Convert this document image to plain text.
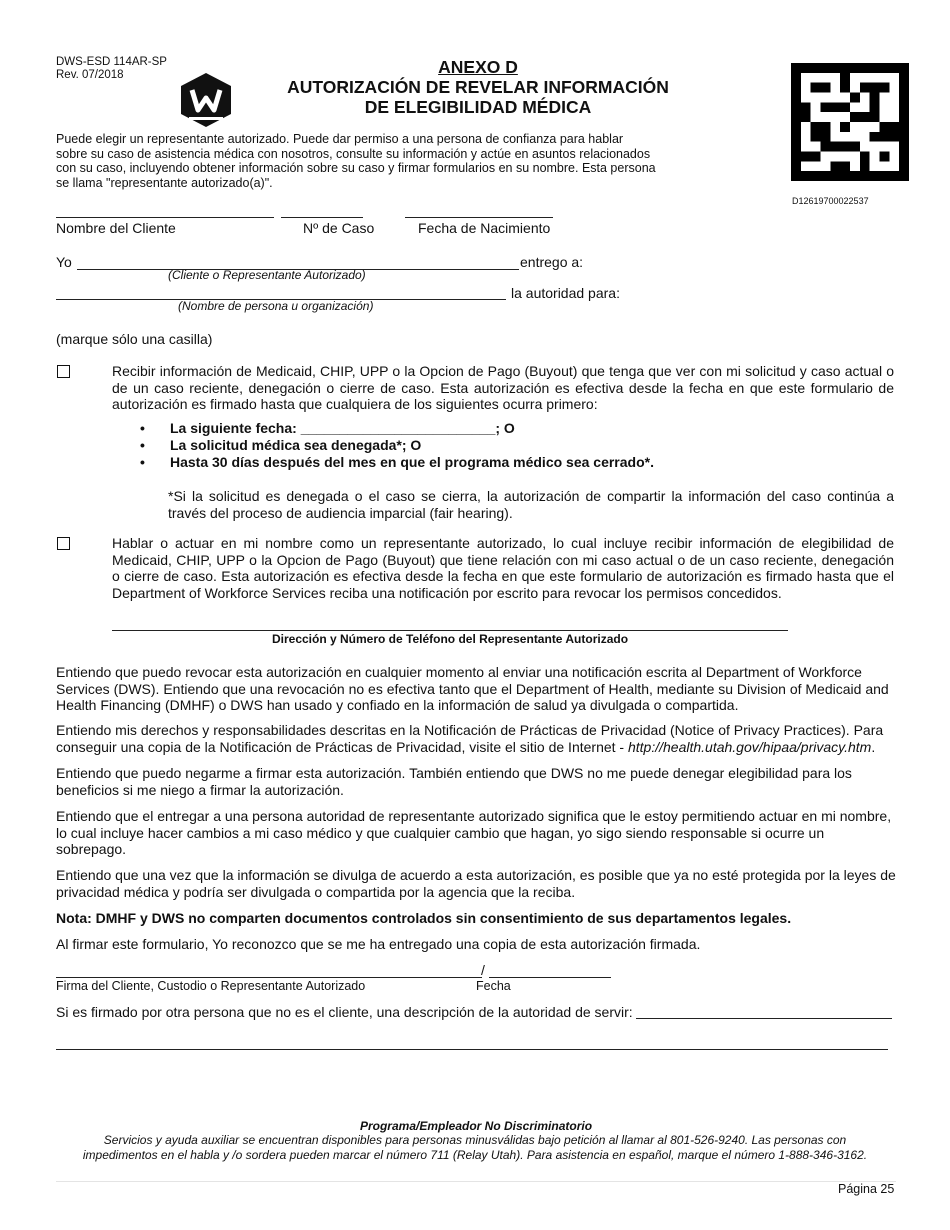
DWS-ESD 114AR-SP
Rev. 07/2018	ANEXO D
AUTORIZACIÓN DE REVELAR INFORMACIÓN
DE ELEGIBILIDAD MÉDICA
D12619700022537
Puede elegir un representante autorizado. Puede dar permiso a una persona de confianza para hablar sobre su caso de asistencia médica con nosotros, consulte su información y actúe en asuntos relacionados con su caso, incluyendo obtener información sobre su caso y firmar formularios en su nombre. Esta persona se llama "representante autorizado(a)".
Nombre del Cliente	Nº de Caso	Fecha de Nacimiento
Yo	entrego a:
(Cliente o Representante Autorizado)
la autoridad para:
(Nombre de persona u organización)
(marque sólo una casilla)
Recibir información de Medicaid, CHIP, UPP o la Opcion de Pago (Buyout) que tenga que ver con mi solicitud y caso actual o de un caso reciente, denegación o cierre de caso. Esta autorización es efectiva desde la fecha en que este formulario de autorización es firmado hasta que cualquiera de los siguientes ocurra primero:
• La siguiente fecha: _________________________; O
• La solicitud médica sea denegada*; O
• Hasta 30 días después del mes en que el programa médico sea cerrado*.
*Si la solicitud es denegada o el caso se cierra, la autorización de compartir la información del caso continúa a través del proceso de audiencia imparcial (fair hearing).
Hablar o actuar en mi nombre como un representante autorizado, lo cual incluye recibir información de elegibilidad de Medicaid, CHIP, UPP o la Opcion de Pago (Buyout) que tiene relación con mi caso actual o de un caso reciente, denegación o cierre de caso. Esta autorización es efectiva desde la fecha en que este formulario de autorización es firmado hasta que el Department of Workforce Services reciba una notificación por escrito para revocar los permisos concedidos.
Dirección y Número de Teléfono del Representante Autorizado
Entiendo que puedo revocar esta autorización en cualquier momento al enviar una notificación escrita al Department of Workforce Services (DWS). Entiendo que una revocación no es efectiva tanto que el Department of Health, mediante su Division of Medicaid and Health Financing (DMHF) o DWS han usado y confiado en la información de salud ya divulgada o compartida.
Entiendo mis derechos y responsabilidades descritas en la Notificación de Prácticas de Privacidad (Notice of Privacy Practices). Para conseguir una copia de la Notificación de Prácticas de Privacidad, visite el sitio de Internet - http://health.utah.gov/hipaa/privacy.htm.
Entiendo que puedo negarme a firmar esta autorización. También entiendo que DWS no me puede denegar elegibilidad para los beneficios si me niego a firmar la autorización.
Entiendo que el entregar a una persona autoridad de representante autorizado significa que le estoy permitiendo actuar en mi nombre, lo cual incluye hacer cambios a mi caso médico y que cualquier cambio que hagan, yo sigo siendo responsable si ocurre un sobrepago.
Entiendo que una vez que la información se divulga de acuerdo a esta autorización, es posible que ya no esté protegida por la leyes de privacidad médica y podría ser divulgada o compartida por la agencia que la reciba.
Nota: DMHF y DWS no comparten documentos controlados sin consentimiento de sus departamentos legales.
Al firmar este formulario, Yo reconozco que se me ha entregado una copia de esta autorización firmada.
/
Firma del Cliente, Custodio o Representante Autorizado	Fecha
Si es firmado por otra persona que no es el cliente, una descripción de la autoridad de servir:
Programa/Empleador No Discriminatorio
Servicios y ayuda auxiliar se encuentran disponibles para personas minusválidas bajo petición al llamar al 801-526-9240. Las personas con
impedimentos en el habla y /o sordera pueden marcar el número 711 (Relay Utah). Para asistencia en español, marque el número 1-888-346-3162.
Página 25
